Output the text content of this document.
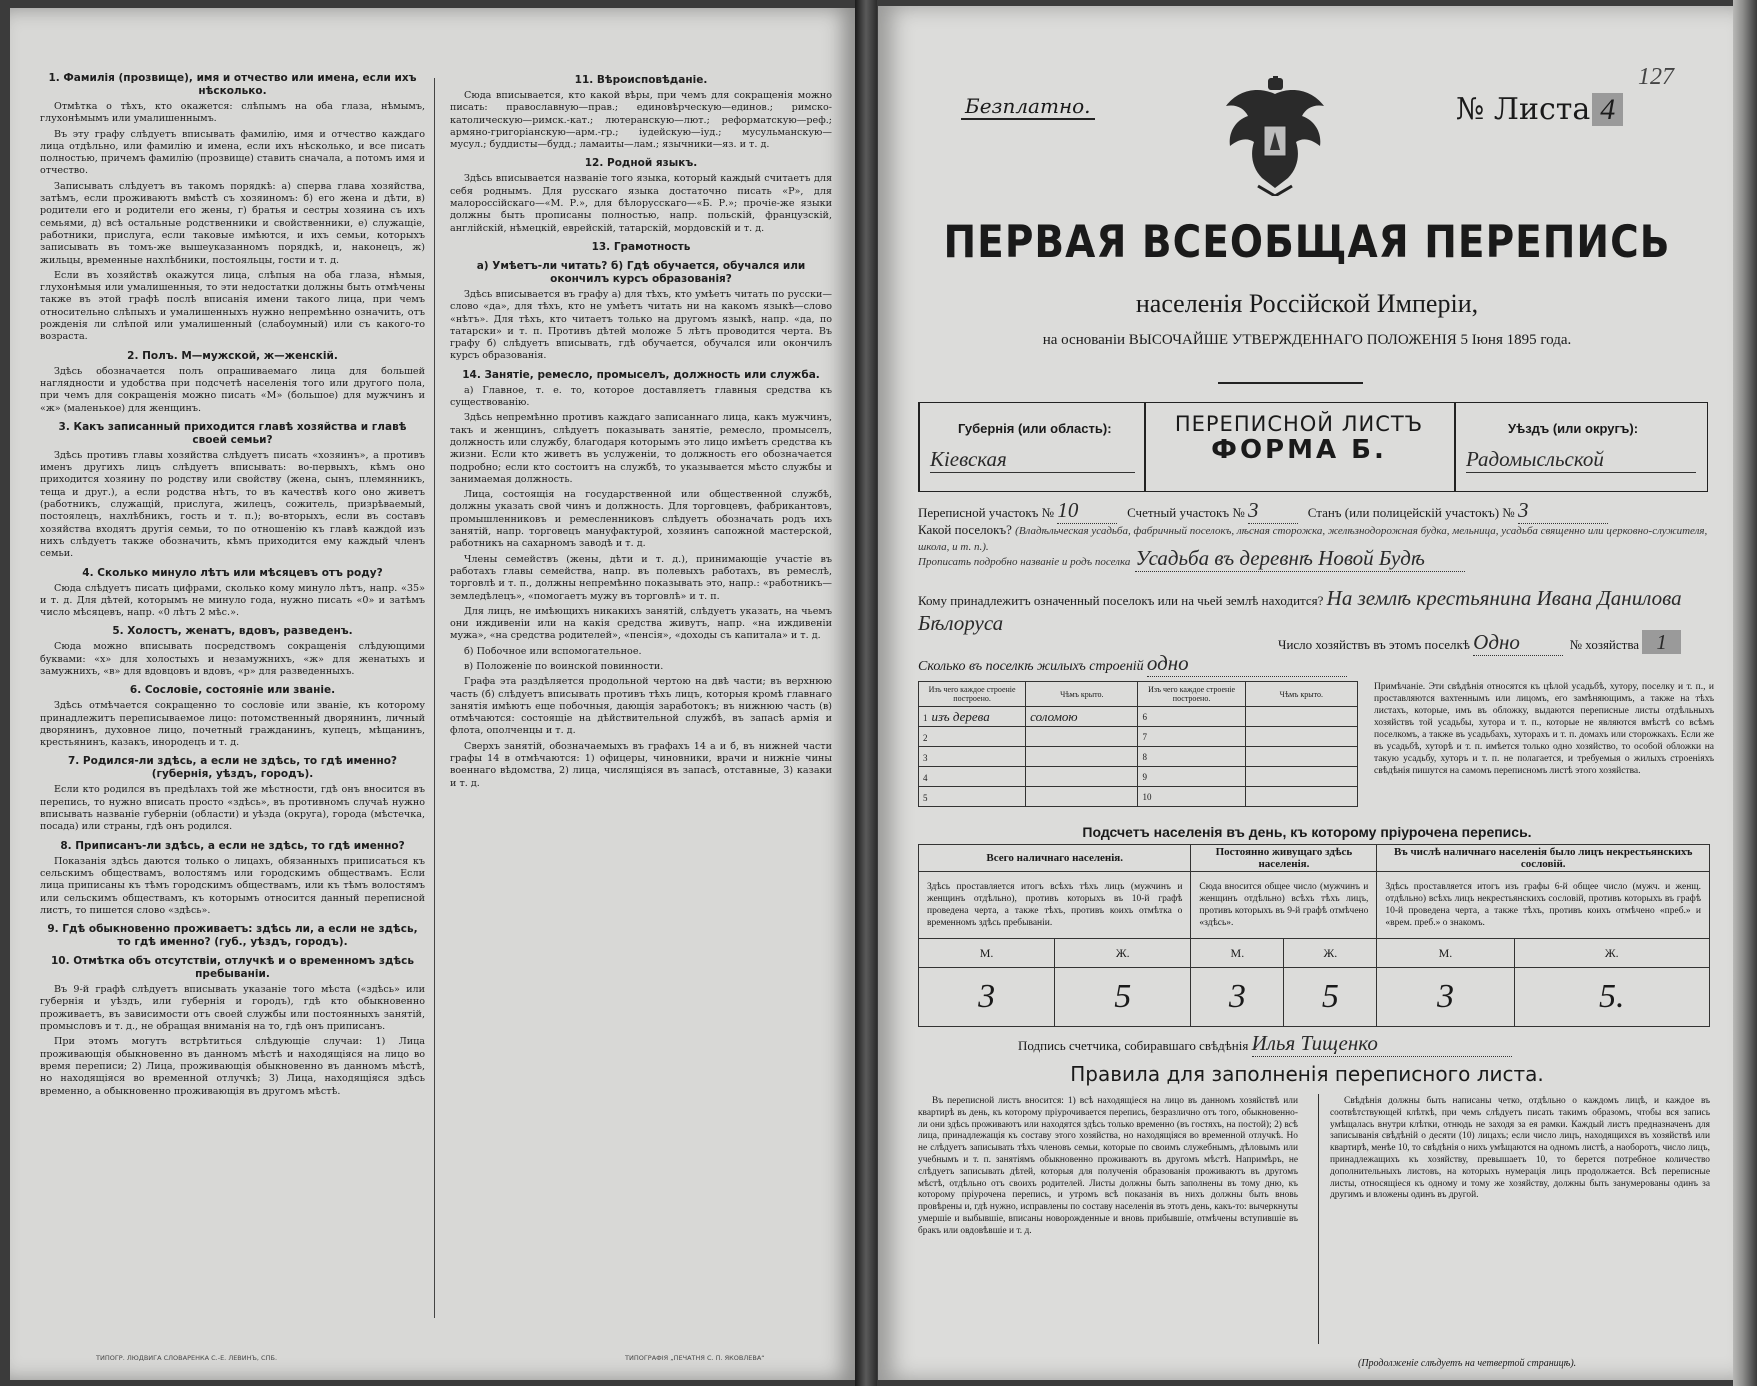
1. Фамилія (прозвище), имя и отчество или имена, если ихъ нѣсколько.

Отмѣтка о тѣхъ, кто окажется: слѣпымъ на оба глаза, нѣмымъ, глухонѣмымъ или умалишеннымъ.

Въ эту графу слѣдуетъ вписывать фамилію, имя и отчество каждаго лица отдѣльно, или фамилію и имена, если ихъ нѣсколько, и все писать полностью, причемъ фамилію (прозвище) ставить сначала, а потомъ имя и отчество.

Записывать слѣдуетъ въ такомъ порядкѣ: а) сперва глава хозяйства, затѣмъ, если проживаютъ вмѣстѣ съ хозяиномъ: б) его жена и дѣти, в) родители его и родители его жены, г) братья и сестры хозяина съ ихъ семьями, д) всѣ остальные родственники и свойственники, е) служащіе, работники, прислуга, если таковые имѣются, и ихъ семьи, которыхъ записывать въ томъ-же вышеуказанномъ порядкѣ, и, наконецъ, ж) жильцы, временные нахлѣбники, постояльцы, гости и т. д.

Если въ хозяйствѣ окажутся лица, слѣпыя на оба глаза, нѣмыя, глухонѣмыя или умалишенныя, то эти недостатки должны быть отмѣчены также въ этой графѣ послѣ вписанія имени такого лица, при чемъ относительно слѣпыхъ и умалишенныхъ нужно непремѣнно означить, отъ рожденія ли слѣпой или умалишенный (слабоумный) или съ какого-то возраста.

2. Полъ. М—мужской, ж—женскій.

Здѣсь обозначается полъ опрашиваемаго лица для большей наглядности и удобства при подсчетѣ населенія того или другого пола, при чемъ для сокращенія можно писать «М» (большое) для мужчинъ и «ж» (маленькое) для женщинъ.

3. Какъ записанный приходится главѣ хозяйства и главѣ своей семьи?

Здѣсь противъ главы хозяйства слѣдуетъ писать «хозяинъ», а противъ именъ другихъ лицъ слѣдуетъ вписывать: во-первыхъ, кѣмъ оно приходится хозяину по родству или свойству (жена, сынъ, племянникъ, теща и друг.), а если родства нѣтъ, то въ качествѣ кого оно живетъ (работникъ, служащій, прислуга, жилецъ, сожитель, призрѣваемый, постоялецъ, нахлѣбникъ, гость и т. п.); во-вторыхъ, если въ составъ хозяйства входятъ другія семьи, то по отношенію къ главѣ каждой изъ нихъ слѣдуетъ также обозначить, кѣмъ приходится ему каждый членъ семьи.

4. Сколько минуло лѣтъ или мѣсяцевъ отъ роду?

Сюда слѣдуетъ писать цифрами, сколько кому минуло лѣтъ, напр. «35» и т. д. Для дѣтей, которымъ не минуло года, нужно писать «0» и затѣмъ число мѣсяцевъ, напр. «0 лѣтъ 2 мѣс.».

5. Холостъ, женатъ, вдовъ, разведенъ.

Сюда можно вписывать посредствомъ сокращенія слѣдующими буквами: «х» для холостыхъ и незамужнихъ, «ж» для женатыхъ и замужнихъ, «в» для вдовцовъ и вдовъ, «р» для разведенныхъ.

6. Сословіе, состояніе или званіе.

Здѣсь отмѣчается сокращенно то сословіе или званіе, къ которому принадлежитъ переписываемое лицо: потомственный дворянинъ, личный дворянинъ, духовное лицо, почетный гражданинъ, купецъ, мѣщанинъ, крестьянинъ, казакъ, инородецъ и т. д.

7. Родился-ли здѣсь, а если не здѣсь, то гдѣ именно? (губернія, уѣздъ, городъ).

Если кто родился въ предѣлахъ той же мѣстности, гдѣ онъ вносится въ перепись, то нужно вписать просто «здѣсь», въ противномъ случаѣ нужно вписывать названіе губерніи (области) и уѣзда (округа), города (мѣстечка, посада) или страны, гдѣ онъ родился.

8. Приписанъ-ли здѣсь, а если не здѣсь, то гдѣ именно?

Показанія здѣсь даются только о лицахъ, обязанныхъ приписаться къ сельскимъ обществамъ, волостямъ или городскимъ обществамъ. Если лица приписаны къ тѣмъ городскимъ обществамъ, или къ тѣмъ волостямъ или сельскимъ обществамъ, къ которымъ относится данный переписной листъ, то пишется слово «здѣсь».

9. Гдѣ обыкновенно проживаетъ: здѣсь ли, а если не здѣсь, то гдѣ именно? (губ., уѣздъ, городъ).
10. Отмѣтка объ отсутствіи, отлучкѣ и о временномъ здѣсь пребываніи.

Въ 9-й графѣ слѣдуетъ вписывать указаніе того мѣста («здѣсь» или губернія и уѣздъ, или губернія и городъ), гдѣ кто обыкновенно проживаетъ, въ зависимости отъ своей службы или постоянныхъ занятій, промысловъ и т. д., не обращая вниманія на то, гдѣ онъ приписанъ.

При этомъ могутъ встрѣтиться слѣдующіе случаи: 1) Лица проживающія обыкновенно въ данномъ мѣстѣ и находящіяся на лицо во время переписи; 2) Лица, проживающія обыкновенно въ данномъ мѣстѣ, но находящіяся во временной отлучкѣ; 3) Лица, находящіяся здѣсь временно, а обыкновенно проживающія въ другомъ мѣстѣ.

11. Вѣроисповѣданіе.

Сюда вписывается, кто какой вѣры, при чемъ для сокращенія можно писать: православную—прав.; единовѣрческую—единов.; римско-католическую—римск.-кат.; лютеранскую—лют.; реформатскую—реф.; армяно-григоріанскую—арм.-гр.; іудейскую—іуд.; мусульманскую—мусул.; буддисты—будд.; ламаиты—лам.; язычники—яз. и т. д.

12. Родной языкъ.

Здѣсь вписывается названіе того языка, который каждый считаетъ для себя роднымъ. Для русскаго языка достаточно писать «Р», для малороссійскаго—«М. Р.», для бѣлорусскаго—«Б. Р.»; прочіе-же языки должны быть прописаны полностью, напр. польскій, французскій, англійскій, нѣмецкій, еврейскій, татарскій, мордовскій и т. д.

13. Грамотность
а) Умѣетъ-ли читать? б) Гдѣ обучается, обучался или окончилъ курсъ образованія?

Здѣсь вписывается въ графу а) для тѣхъ, кто умѣетъ читать по русски—слово «да», для тѣхъ, кто не умѣетъ читать ни на какомъ языкѣ—слово «нѣтъ». Для тѣхъ, кто читаетъ только на другомъ языкѣ, напр. «да, по татарски» и т. п. Противъ дѣтей моложе 5 лѣтъ проводится черта. Въ графу б) слѣдуетъ вписывать, гдѣ обучается, обучался или окончилъ курсъ образованія.

14. Занятіе, ремесло, промыселъ, должность или служба.

а) Главное, т. е. то, которое доставляетъ главныя средства къ существованію.

Здѣсь непремѣнно противъ каждаго записаннаго лица, какъ мужчинъ, такъ и женщинъ, слѣдуетъ показывать занятіе, ремесло, промыселъ, должность или службу, благодаря которымъ это лицо имѣетъ средства къ жизни. Если кто живетъ въ услуженіи, то должность его обозначается подробно; если кто состоитъ на службѣ, то указывается мѣсто службы и занимаемая должность.

Лица, состоящія на государственной или общественной службѣ, должны указать свой чинъ и должность. Для торговцевъ, фабрикантовъ, промышленниковъ и ремесленниковъ слѣдуетъ обозначать родъ ихъ занятій, напр. торговецъ мануфактурой, хозяинъ сапожной мастерской, работникъ на сахарномъ заводѣ и т. д.

Члены семействъ (жены, дѣти и т. д.), принимающіе участіе въ работахъ главы семейства, напр. въ полевыхъ работахъ, въ ремеслѣ, торговлѣ и т. п., должны непремѣнно показывать это, напр.: «работникъ—земледѣлецъ», «помогаетъ мужу въ торговлѣ» и т. п.

Для лицъ, не имѣющихъ никакихъ занятій, слѣдуетъ указать, на чьемъ они иждивеніи или на какія средства живутъ, напр. «на иждивеніи мужа», «на средства родителей», «пенсія», «доходы съ капитала» и т. д.

б) Побочное или вспомогательное.

в) Положеніе по воинской повинности.

Графа эта раздѣляется продольной чертою на двѣ части; въ верхнюю часть (б) слѣдуетъ вписывать противъ тѣхъ лицъ, которыя кромѣ главнаго занятія имѣютъ еще побочныя, дающія заработокъ; въ нижнюю часть (в) отмѣчаются: состоящіе на дѣйствительной службѣ, въ запасѣ армія и флота, ополченцы и т. д.

Сверхъ занятій, обозначаемыхъ въ графахъ 14 а и б, въ нижней части графы 14 в отмѣчаются: 1) офицеры, чиновники, врачи и нижніе чины военнаго вѣдомства, 2) лица, числящіяся въ запасѣ, отставные, 3) казаки и т. д.

ТИПОГР. ЛЮДВИГА СЛОВАРЕНКА С.-Е. ЛЕВИНЪ, СПБ.	ТИПОГРАФІЯ „ПЕЧАТНЯ С. П. ЯКОВЛЕВА“
Безплатно.	№ Листа 4
127
ПЕРВАЯ ВСЕОБЩАЯ ПЕРЕПИСЬ
населенія Россійской Имперіи,
на основаніи ВЫСОЧАЙШЕ УТВЕРЖДЕННАГО ПОЛОЖЕНІЯ 5 Іюня 1895 года.
Губернія (или область):
Кіевская
ПЕРЕПИСНОЙ ЛИСТЪ
ФОРМА Б.
Уѣздъ (или округъ):
Радомысльской
Переписной участокъ № 10	Счетный участокъ № 3	Станъ (или полицейскій участокъ) № 3
Какой поселокъ? (Владѣльческая усадьба, фабричный поселокъ, лѣсная сторожка, желѣзнодорожная будка, мельница, усадьба священно или церковно-служителя, школа, и т. п.).
Прописать подробно названіе и родъ поселка Усадьба въ деревнѣ Новой Будѣ
Кому принадлежитъ означенный поселокъ или на чьей землѣ находится? На землѣ крестьянина Ивана Данилова Бѣлоруса
Число хозяйствъ въ этомъ поселкѣ Одно	№ хозяйства 1
Сколько въ поселкѣ жилыхъ строеній одно
Изъ чего каждое строеніе построено.	Чѣмъ крыто.	Изъ чего каждое строеніе построено.	Чѣмъ крыто.
1 изъ дерева	соломою	6	
2		7	
3		8	
4		9	
5		10	
Примѣчаніе. Эти свѣдѣнія относятся къ цѣлой усадьбѣ, хутору, поселку и т. п., и проставляются вахтеннымъ или лицомъ, его замѣняющимъ, а также на тѣхъ листахъ, которые, имъ въ обложку, выдаются переписные листы отдѣльныхъ хозяйствъ той усадьбы, хутора и т. п., которые не являются вмѣстѣ со всѣмъ поселкомъ, а также въ усадьбахъ, хуторахъ и т. п. домахъ или сторожкахъ. Если же въ усадьбѣ, хуторѣ и т. п. имѣется только одно хозяйство, то особой обложки на такую усадьбу, хуторъ и т. п. не полагается, и требуемыя о жилыхъ строеніяхъ свѣдѣнія пишутся на самомъ переписномъ листѣ этого хозяйства.
Подсчетъ населенія въ день, къ которому пріурочена перепись.
Всего наличнаго населенія.		Постоянно живущаго здѣсь населенія.		Въ числѣ наличнаго населенія было лицъ некрестьянскихъ сословій.	
Здѣсь проставляется итогъ всѣхъ тѣхъ лицъ (мужчинъ и женщинъ отдѣльно), противъ которыхъ въ 10-й графѣ проведена черта, а также тѣхъ, противъ коихъ отмѣтка о временномъ здѣсь пребываніи.		Сюда вносится общее число (мужчинъ и женщинъ отдѣльно) всѣхъ тѣхъ лицъ, противъ которыхъ въ 9-й графѣ отмѣчено «здѣсь».		Здѣсь проставляется итогъ изъ графы 6-й общее число (мужч. и женщ. отдѣльно) всѣхъ лицъ некрестьянскихъ сословій, противъ которыхъ въ графѣ 10-й проведена черта, а также тѣхъ, противъ коихъ отмѣчено «преб.» и «врем. преб.» о знакомъ.	
М.	Ж.	М.	Ж.	М.	Ж.
3	5	3	5	3	5.
Подпись счетчика, собиравшаго свѣдѣнія Илья Тищенко
Правила для заполненія переписного листа.

Въ переписной листъ вносится: 1) всѣ находящіеся на лицо въ данномъ хозяйствѣ или квартирѣ въ день, къ которому пріурочивается перепись, безразлично отъ того, обыкновенно-ли они здѣсь проживаютъ или находятся здѣсь только временно (въ гостяхъ, на постой); 2) всѣ лица, принадлежащія къ составу этого хозяйства, но находящіяся во временной отлучкѣ. Но не слѣдуетъ записывать тѣхъ членовъ семьи, которые по своимъ служебнымъ, дѣловымъ или учебнымъ и т. п. занятіямъ обыкновенно проживаютъ въ другомъ мѣстѣ. Напримѣръ, не слѣдуетъ записывать дѣтей, которыя для полученія образованія проживаютъ въ другомъ мѣстѣ, отдѣльно отъ своихъ родителей. Листы должны быть заполнены въ тому дню, къ которому пріурочена перепись, и утромъ всѣ показанія въ нихъ должны быть вновь провѣрены и, гдѣ нужно, исправлены по составу населенія въ этотъ день, какъ-то: вычеркнуты умершіе и выбывшіе, вписаны новорожденные и вновь прибывшіе, отмѣчены вступившіе въ бракъ или овдовѣвшіе и т. д.

Свѣдѣнія должны быть написаны четко, отдѣльно о каждомъ лицѣ, и каждое въ соотвѣтствующей клѣткѣ, при чемъ слѣдуетъ писать такимъ образомъ, чтобы вся запись умѣщалась внутри клѣтки, отнюдь не заходя за ея рамки. Каждый листъ предназначенъ для записыванія свѣдѣній о десяти (10) лицахъ; если число лицъ, находящихся въ хозяйствѣ или квартирѣ, менѣе 10, то свѣдѣнія о нихъ умѣщаются на одномъ листѣ, а наоборотъ, число лицъ, принадлежащихъ къ хозяйству, превышаетъ 10, то берется потребное количество дополнительныхъ листовъ, на которыхъ нумерація лицъ продолжается. Всѣ переписные листы, относящіеся къ одному и тому же хозяйству, должны быть занумерованы одинъ за другимъ и вложены одинъ въ другой.

(Продолженіе слѣдуетъ на четвертой страницѣ).
